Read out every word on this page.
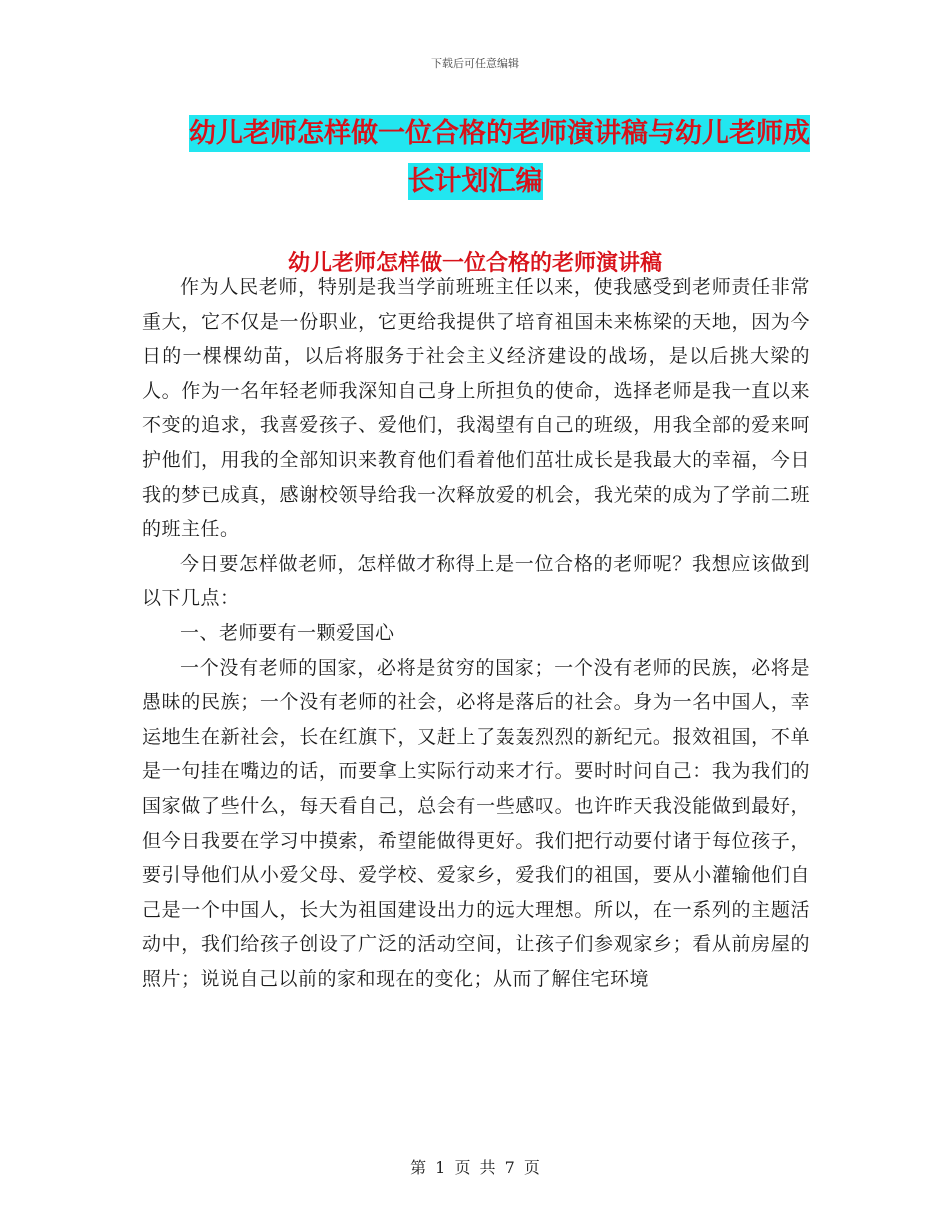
下载后可任意编辑
幼儿老师怎样做一位合格的老师演讲稿与幼儿老师成
长计划汇编
幼儿老师怎样做一位合格的老师演讲稿

作为人民老师，特别是我当学前班班主任以来，使我感受到老师责任非常重大，它不仅是一份职业，它更给我提供了培育祖国未来栋梁的天地，因为今日的一棵棵幼苗，以后将服务于社会主义经济建设的战场，是以后挑大梁的人。作为一名年轻老师我深知自己身上所担负的使命，选择老师是我一直以来不变的追求，我喜爱孩子、爱他们，我渴望有自己的班级，用我全部的爱来呵护他们，用我的全部知识来教育他们看着他们茁壮成长是我最大的幸福，今日我的梦已成真，感谢校领导给我一次释放爱的机会，我光荣的成为了学前二班的班主任。

今日要怎样做老师，怎样做才称得上是一位合格的老师呢？我想应该做到以下几点：

一、老师要有一颗爱国心

一个没有老师的国家，必将是贫穷的国家；一个没有老师的民族，必将是愚昧的民族；一个没有老师的社会，必将是落后的社会。身为一名中国人，幸运地生在新社会，长在红旗下，又赶上了轰轰烈烈的新纪元。报效祖国，不单是一句挂在嘴边的话，而要拿上实际行动来才行。要时时问自己：我为我们的国家做了些什么，每天看自己，总会有一些感叹。也许昨天我没能做到最好，但今日我要在学习中摸索，希望能做得更好。我们把行动要付诸于每位孩子，要引导他们从小爱父母、爱学校、爱家乡，爱我们的祖国，要从小灌输他们自己是一个中国人，长大为祖国建设出力的远大理想。所以，在一系列的主题活动中，我们给孩子创设了广泛的活动空间，让孩子们参观家乡；看从前房屋的照片；说说自己以前的家和现在的变化；从而了解住宅环境

第 1 页 共 7 页
